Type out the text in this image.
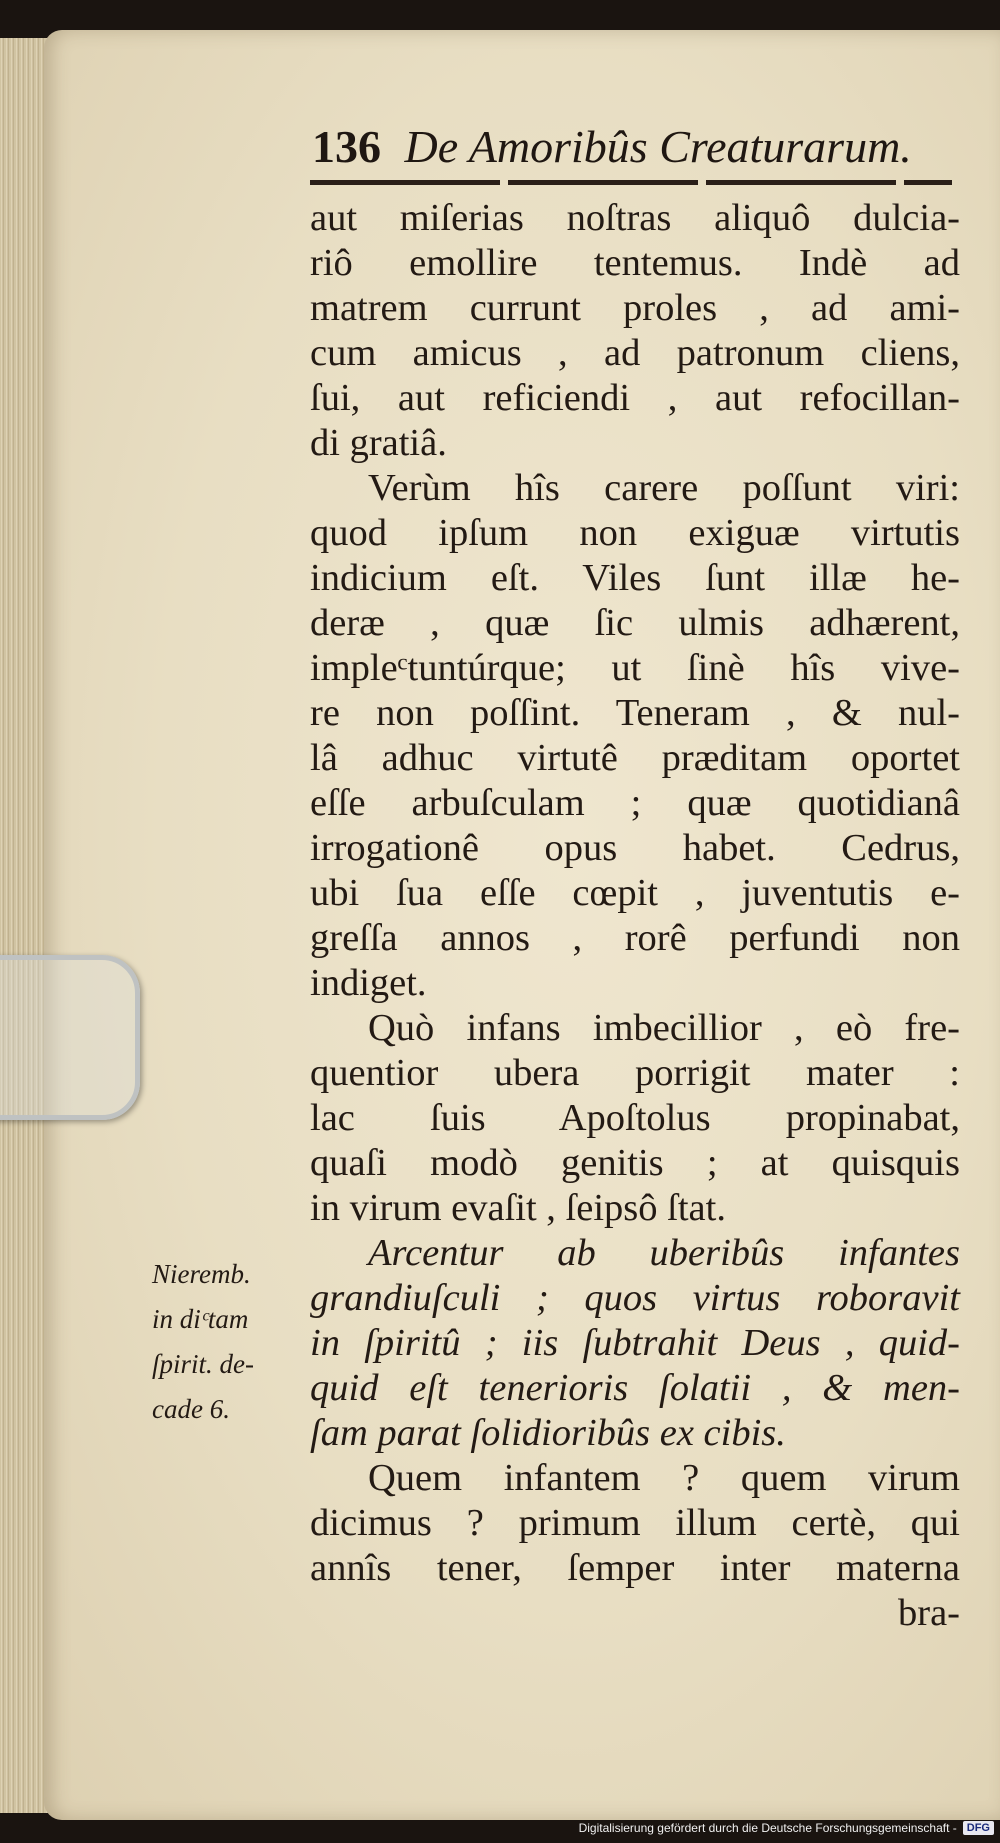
136 De Amoribûs Creaturarum.
aut miſerias noſtras aliquô dulcia-
riô emollire tentemus. Indè ad
matrem currunt proles , ad ami-
cum amicus , ad patronum cliens,
ſui, aut reficiendi , aut refocillan-
di gratiâ.
Verùm hîs carere poſſunt viri:
quod ipſum non exiguæ virtutis
indicium eſt. Viles ſunt illæ he-
deræ , quæ ſic ulmis adhærent,
impleᶜtuntúrque; ut ſinè hîs vive-
re non poſſint. Teneram , & nul-
lâ adhuc virtutê præditam oportet
eſſe arbuſculam ; quæ quotidianâ
irrogationê opus habet. Cedrus,
ubi ſua eſſe cœpit , juventutis e-
greſſa annos , rorê perfundi non
indiget.
Quò infans imbecillior , eò fre-
quentior ubera porrigit mater :
lac ſuis Apoſtolus propinabat,
quaſi modò genitis ; at quisquis
in virum evaſit , ſeipsô ſtat.
Arcentur ab uberibûs infantes
grandiuſculi ; quos virtus roboravit
in ſpiritû ; iis ſubtrahit Deus , quid-
quid eſt tenerioris ſolatii , & men-
ſam parat ſolidioribûs ex cibis.
Quem infantem ? quem virum
dicimus ? primum illum certè, qui
annîs tener, ſemper inter materna
bra-
Nieremb.
in diᶜtam
ſpirit. de-
cade 6.
Digitalisierung gefördert durch die Deutsche Forschungsgemeinschaft - DFG
